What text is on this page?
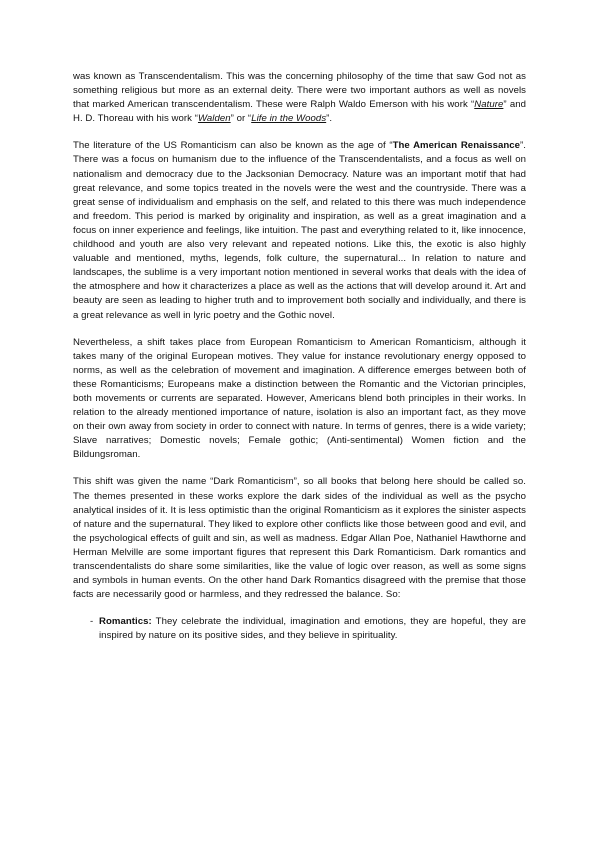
was known as Transcendentalism. This was the concerning philosophy of the time that saw God not as something religious but more as an external deity. There were two important authors as well as novels that marked American transcendentalism. These were Ralph Waldo Emerson with his work “Nature” and H. D. Thoreau with his work “Walden” or “Life in the Woods”.

The literature of the US Romanticism can also be known as the age of “The American Renaissance”. There was a focus on humanism due to the influence of the Transcendentalists, and a focus as well on nationalism and democracy due to the Jacksonian Democracy. Nature was an important motif that had great relevance, and some topics treated in the novels were the west and the countryside. There was a great sense of individualism and emphasis on the self, and related to this there was much independence and freedom. This period is marked by originality and inspiration, as well as a great imagination and a focus on inner experience and feelings, like intuition. The past and everything related to it, like innocence, childhood and youth are also very relevant and repeated notions. Like this, the exotic is also highly valuable and mentioned, myths, legends, folk culture, the supernatural... In relation to nature and landscapes, the sublime is a very important notion mentioned in several works that deals with the idea of the atmosphere and how it characterizes a place as well as the actions that will develop around it. Art and beauty are seen as leading to higher truth and to improvement both socially and individually, and there is a great relevance as well in lyric poetry and the Gothic novel.

Nevertheless, a shift takes place from European Romanticism to American Romanticism, although it takes many of the original European motives. They value for instance revolutionary energy opposed to norms, as well as the celebration of movement and imagination. A difference emerges between both of these Romanticisms; Europeans make a distinction between the Romantic and the Victorian principles, both movements or currents are separated. However, Americans blend both principles in their works. In relation to the already mentioned importance of nature, isolation is also an important fact, as they move on their own away from society in order to connect with nature. In terms of genres, there is a wide variety; Slave narratives; Domestic novels; Female gothic; (Anti-sentimental) Women fiction and the Bildungsroman.

This shift was given the name “Dark Romanticism”, so all books that belong here should be called so. The themes presented in these works explore the dark sides of the individual as well as the psycho analytical insides of it. It is less optimistic than the original Romanticism as it explores the sinister aspects of nature and the supernatural. They liked to explore other conflicts like those between good and evil, and the psychological effects of guilt and sin, as well as madness. Edgar Allan Poe, Nathaniel Hawthorne and Herman Melville are some important figures that represent this Dark Romanticism. Dark romantics and transcendentalists do share some similarities, like the value of logic over reason, as well as some signs and symbols in human events. On the other hand Dark Romantics disagreed with the premise that those facts are necessarily good or harmless, and they redressed the balance. So:

- Romantics: They celebrate the individual, imagination and emotions, they are hopeful, they are inspired by nature on its positive sides, and they believe in spirituality.
